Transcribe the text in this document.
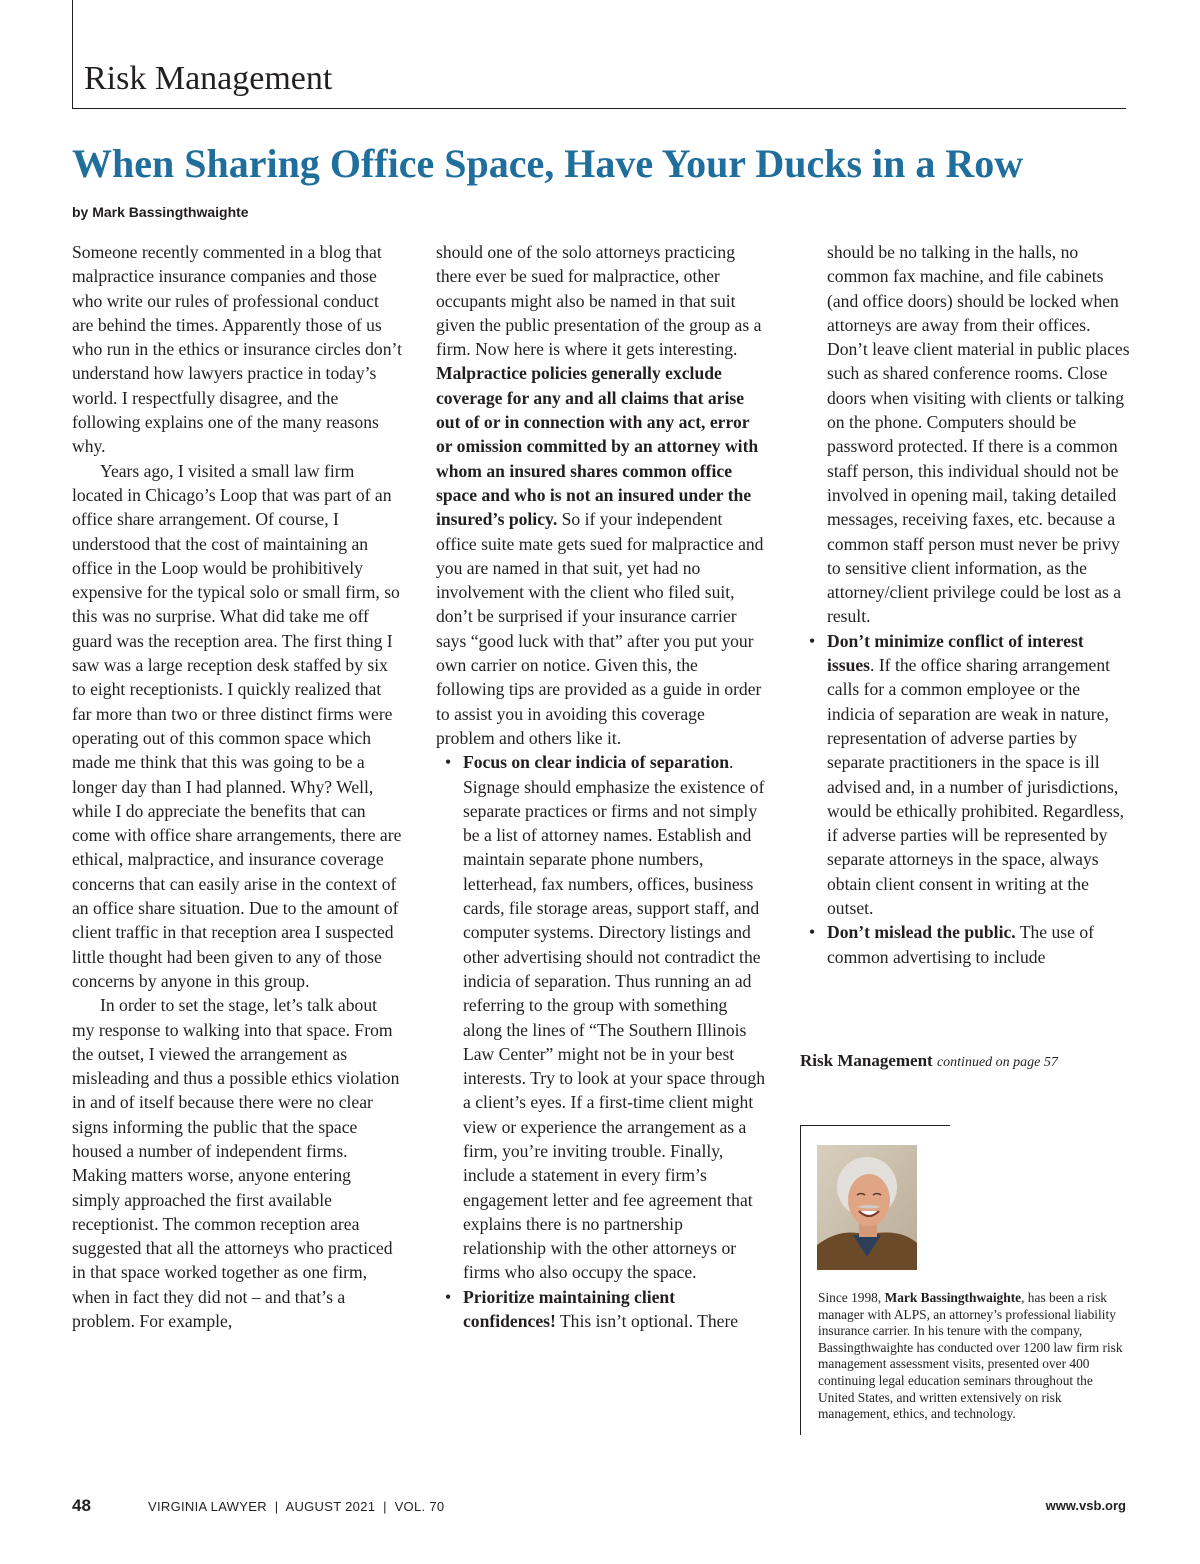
Risk Management
When Sharing Office Space, Have Your Ducks in a Row
by Mark Bassingthwaighte

Someone recently commented in a blog that malpractice insurance companies and those who write our rules of professional conduct are behind the times. Apparently those of us who run in the ethics or insurance circles don’t understand how lawyers practice in today’s world. I respectfully disagree, and the following explains one of the many reasons why.

Years ago, I visited a small law firm located in Chicago’s Loop that was part of an office share arrangement. Of course, I understood that the cost of maintaining an office in the Loop would be prohibitively expensive for the typical solo or small firm, so this was no surprise. What did take me off guard was the reception area. The first thing I saw was a large reception desk staffed by six to eight receptionists. I quickly realized that far more than two or three distinct firms were operating out of this common space which made me think that this was going to be a longer day than I had planned. Why? Well, while I do appreciate the benefits that can come with office share arrangements, there are ethical, malpractice, and insurance coverage concerns that can easily arise in the context of an office share situation. Due to the amount of client traffic in that reception area I suspected little thought had been given to any of those concerns by anyone in this group.

In order to set the stage, let’s talk about my response to walking into that space. From the outset, I viewed the arrangement as misleading and thus a possible ethics violation in and of itself because there were no clear signs informing the public that the space housed a number of independent firms. Making matters worse, anyone entering simply approached the first available receptionist. The common reception area suggested that all the attorneys who practiced in that space worked together as one firm, when in fact they did not – and that’s a problem. For example,

should one of the solo attorneys practicing there ever be sued for malpractice, other occupants might also be named in that suit given the public presentation of the group as a firm. Now here is where it gets interesting. Malpractice policies generally exclude coverage for any and all claims that arise out of or in connection with any act, error or omission committed by an attorney with whom an insured shares common office space and who is not an insured under the insured’s policy. So if your independent office suite mate gets sued for malpractice and you are named in that suit, yet had no involvement with the client who filed suit, don’t be surprised if your insurance carrier says “good luck with that” after you put your own carrier on notice. Given this, the following tips are provided as a guide in order to assist you in avoiding this coverage problem and others like it.

• Focus on clear indicia of separation. Signage should emphasize the existence of separate practices or firms and not simply be a list of attorney names. Establish and maintain separate phone numbers, letterhead, fax numbers, offices, business cards, file storage areas, support staff, and computer systems. Directory listings and other advertising should not contradict the indicia of separation. Thus running an ad referring to the group with something along the lines of “The Southern Illinois Law Center” might not be in your best interests. Try to look at your space through a client’s eyes. If a first-time client might view or experience the arrangement as a firm, you’re inviting trouble. Finally, include a statement in every firm’s engagement letter and fee agreement that explains there is no partnership relationship with the other attorneys or firms who also occupy the space.
• Prioritize maintaining client confidences! This isn’t optional. There

should be no talking in the halls, no common fax machine, and file cabinets (and office doors) should be locked when attorneys are away from their offices. Don’t leave client material in public places such as shared conference rooms. Close doors when visiting with clients or talking on the phone. Computers should be password protected. If there is a common staff person, this individual should not be involved in opening mail, taking detailed messages, receiving faxes, etc. because a common staff person must never be privy to sensitive client information, as the attorney/client privilege could be lost as a result.

• Don’t minimize conflict of interest issues. If the office sharing arrangement calls for a common employee or the indicia of separation are weak in nature, representation of adverse parties by separate practitioners in the space is ill advised and, in a number of jurisdictions, would be ethically prohibited. Regardless, if adverse parties will be represented by separate attorneys in the space, always obtain client consent in writing at the outset.
• Don’t mislead the public. The use of common advertising to include
Risk Management continued on page 57
Since 1998, Mark Bassingthwaighte, has been a risk manager with ALPS, an attorney’s professional liability insurance carrier. In his tenure with the company, Bassingthwaighte has conducted over 1200 law firm risk management assessment visits, presented over 400 continuing legal education seminars throughout the United States, and written extensively on risk management, ethics, and technology.
48	VIRGINIA LAWYER  |  AUGUST 2021  |  VOL. 70	www.vsb.org
